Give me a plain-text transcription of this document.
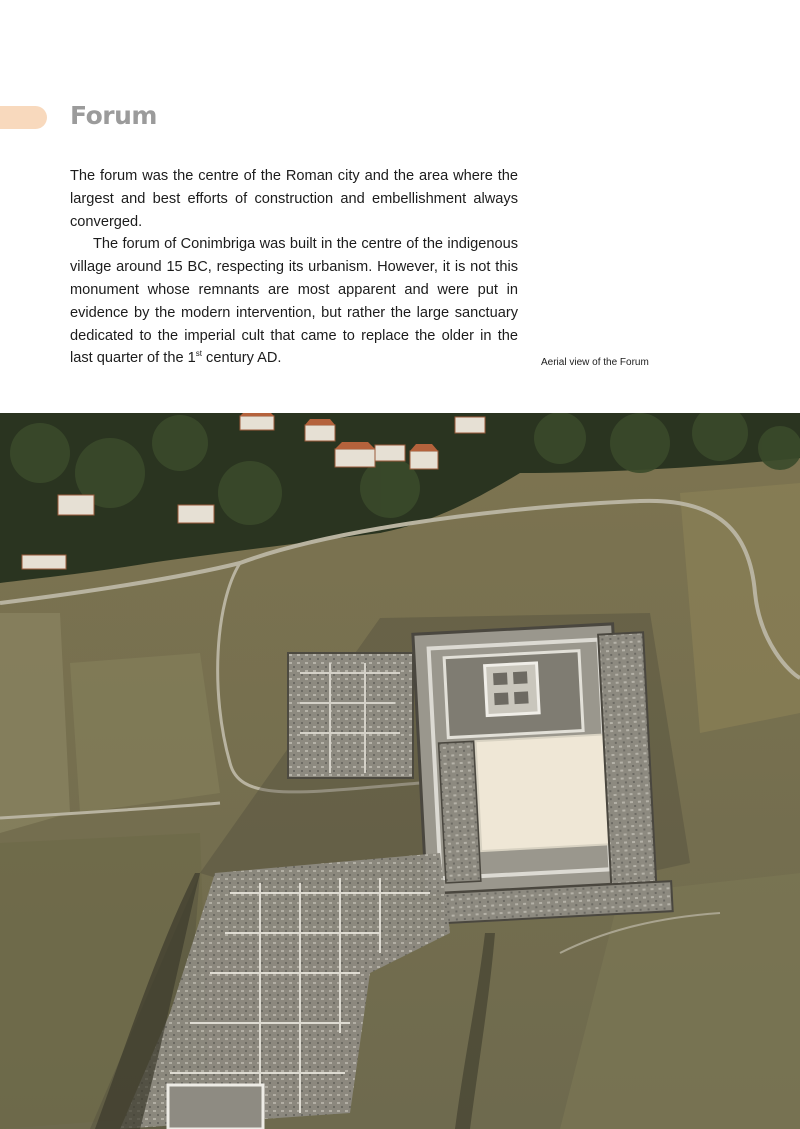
Forum

The forum was the centre of the Roman city and the area where the largest and best efforts of construction and embellishment always converged.

The forum of Conimbriga was built in the centre of the indigenous village around 15 BC, respecting its urbanism. However, it is not this monument whose remnants are most apparent and were put in evidence by the modern intervention, but rather the large sanctuary dedicated to the imperial cult that came to replace the older in the last quarter of the 1st century AD.	Aerial view of the Forum
